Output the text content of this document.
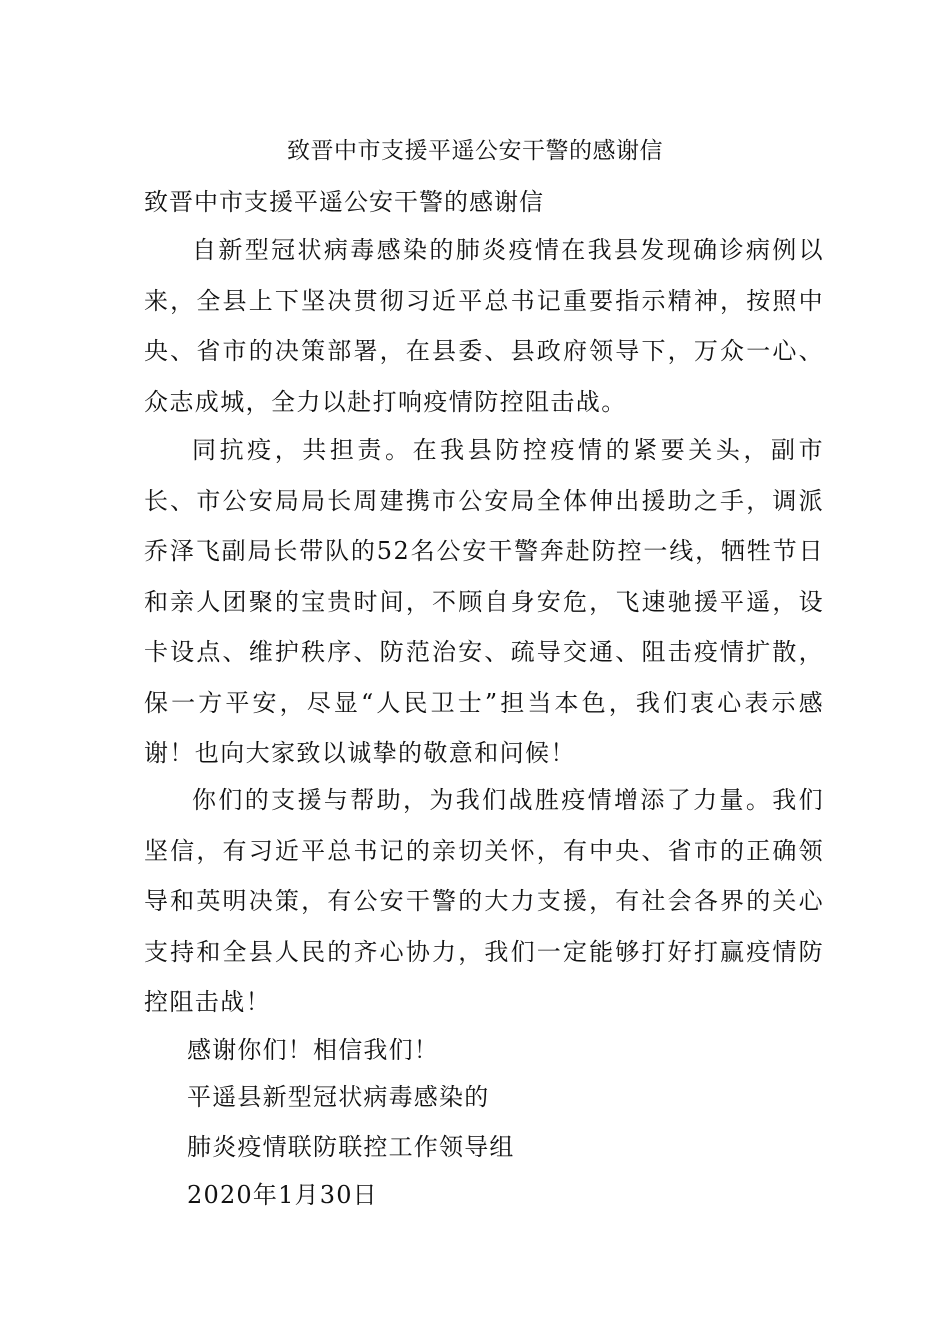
致晋中市支援平遥公安干警的感谢信
致晋中市支援平遥公安干警的感谢信

自新型冠状病毒感染的肺炎疫情在我县发现确诊病例以来，全县上下坚决贯彻习近平总书记重要指示精神，按照中央、省市的决策部署，在县委、县政府领导下，万众一心、众志成城，全力以赴打响疫情防控阻击战。

同抗疫，共担责。在我县防控疫情的紧要关头，副市长、市公安局局长周建携市公安局全体伸出援助之手，调派乔泽飞副局长带队的52名公安干警奔赴防控一线，牺牲节日和亲人团聚的宝贵时间，不顾自身安危，飞速驰援平遥，设卡设点、维护秩序、防范治安、疏导交通、阻击疫情扩散，保一方平安，尽显“人民卫士”担当本色，我们衷心表示感谢！也向大家致以诚挚的敬意和问候！

你们的支援与帮助，为我们战胜疫情增添了力量。我们坚信，有习近平总书记的亲切关怀，有中央、省市的正确领导和英明决策，有公安干警的大力支援，有社会各界的关心支持和全县人民的齐心协力，我们一定能够打好打赢疫情防控阻击战！

感谢你们！相信我们！
平遥县新型冠状病毒感染的
肺炎疫情联防联控工作领导组
2020年1月30日
